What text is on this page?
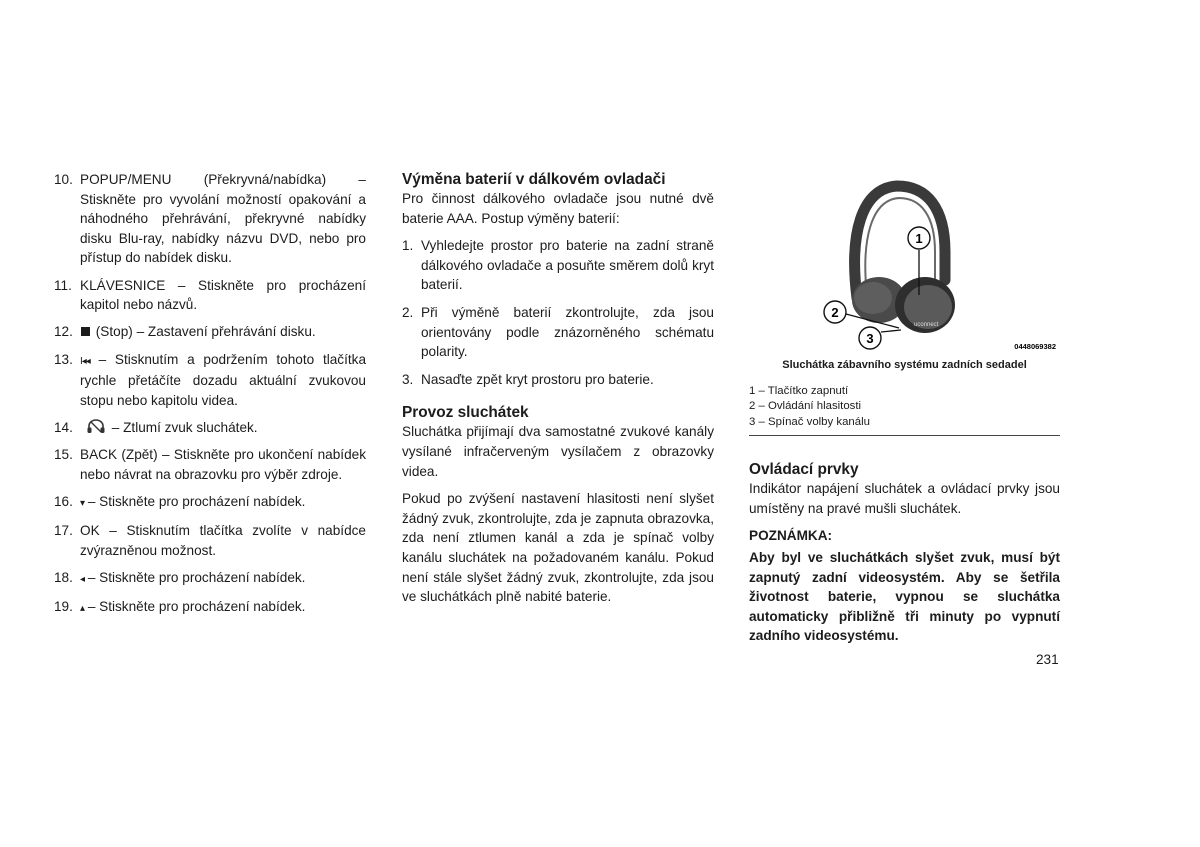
10. POPUP/MENU (Překryvná/nabídka) – Stiskněte pro vyvolání možností opakování a náhodného přehrávání, překryvné nabídky disku Blu-ray, nabídky názvu DVD, nebo pro přístup do nabídek disku.
11. KLÁVESNICE – Stiskněte pro procházení kapitol nebo názvů.
12.	(Stop) – Zastavení přehrávání disku.
13. I◂◂ – Stisknutím a podržením tohoto tlačítka rychle přetáčíte dozadu aktuální zvukovou stopu nebo kapitolu videa.
14.	– Ztlumí zvuk sluchátek.
15. BACK (Zpět) – Stiskněte pro ukončení nabídek nebo návrat na obrazovku pro výběr zdroje.
16. ▾ – Stiskněte pro procházení nabídek.
17. OK – Stisknutím tlačítka zvolíte v nabídce zvýrazněnou možnost.
18. ◂ – Stiskněte pro procházení nabídek.
19. ▴ – Stiskněte pro procházení nabídek.
Výměna baterií v dálkovém ovladači

Pro činnost dálkového ovladače jsou nutné dvě baterie AAA. Postup výměny baterií:

1. Vyhledejte prostor pro baterie na zadní straně dálkového ovladače a posuňte směrem dolů kryt baterií.
2. Při výměně baterií zkontrolujte, zda jsou orientovány podle znázorněného schématu polarity.
3. Nasaďte zpět kryt prostoru pro baterie.
Provoz sluchátek

Sluchátka přijímají dva samostatné zvukové kanály vysílané infračerveným vysílačem z obrazovky videa.

Pokud po zvýšení nastavení hlasitosti není slyšet žádný zvuk, zkontrolujte, zda je zapnuta obrazovka, zda není ztlumen kanál a zda je spínač volby kanálu sluchátek na požadovaném kanálu. Pokud není stále slyšet žádný zvuk, zkontrolujte, zda jsou ve sluchátkách plně nabité baterie.

uconnect
1
2
3
0448069382
Sluchátka zábavního systému zadních sedadel
1 – Tlačítko zapnutí
2 – Ovládání hlasitosti
3 – Spínač volby kanálu
Ovládací prvky

Indikátor napájení sluchátek a ovládací prvky jsou umístěny na pravé mušli sluchátek.

POZNÁMKA:

Aby byl ve sluchátkách slyšet zvuk, musí být zapnutý zadní videosystém. Aby se šetřila životnost baterie, vypnou se sluchátka automaticky přibližně tři minuty po vypnutí zadního videosystému.

231
